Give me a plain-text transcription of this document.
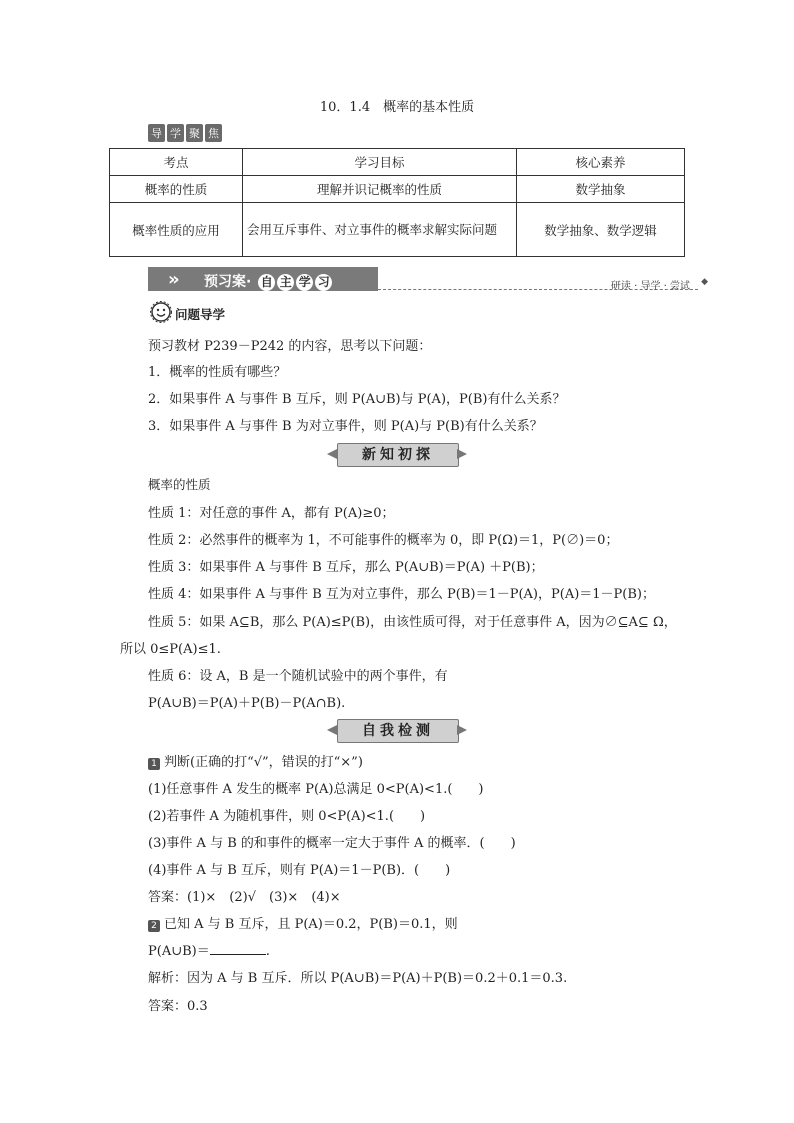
10．1.4　概率的基本性质
导 学 聚 焦
考点	学习目标	核心素养
概率的性质	理解并识记概率的性质	数学抽象
概率性质的应用	会用互斥事件、对立事件的概率求解实际问题	数学抽象、数学逻辑
» 预习案· 自 主 学 习	研读 · 导学 · 尝试 ◆
问题导学
预习教材 P239－P242 的内容，思考以下问题：
1．概率的性质有哪些？
2．如果事件 A 与事件 B 互斥，则 P(A∪B)与 P(A)，P(B)有什么关系？
3．如果事件 A 与事件 B 为对立事件，则 P(A)与 P(B)有什么关系？
新知初探
概率的性质
性质 1：对任意的事件 A，都有 P(A)≥0；
性质 2：必然事件的概率为 1，不可能事件的概率为 0，即 P(Ω)＝1，P(∅)＝0；
性质 3：如果事件 A 与事件 B 互斥，那么 P(A∪B)＝P(A) ＋P(B)；
性质 4：如果事件 A 与事件 B 互为对立事件，那么 P(B)＝1－P(A)，P(A)＝1－P(B)；
性质 5：如果 A⊆B，那么 P(A)≤P(B)，由该性质可得，对于任意事件 A，因为∅⊆A⊆ Ω，
所以 0≤P(A)≤1.
性质 6：设 A，B 是一个随机试验中的两个事件，有
P(A∪B)＝P(A)＋P(B)－P(A∩B).
自我检测
1 判断(正确的打“√”，错误的打“×”)
(1)任意事件 A 发生的概率 P(A)总满足 0<P(A)<1.(　　)
(2)若事件 A 为随机事件，则 0<P(A)<1.(　　)
(3)事件 A 与 B 的和事件的概率一定大于事件 A 的概率．(　　)
(4)事件 A 与 B 互斥，则有 P(A)＝1－P(B)．(　　)
答案：(1)×　(2)√　(3)×　(4)×
2 已知 A 与 B 互斥，且 P(A)＝0.2，P(B)＝0.1，则
P(A∪B)＝	.
解析：因为 A 与 B 互斥．所以 P(A∪B)＝P(A)＋P(B)＝0.2＋0.1＝0.3.
答案：0.3
